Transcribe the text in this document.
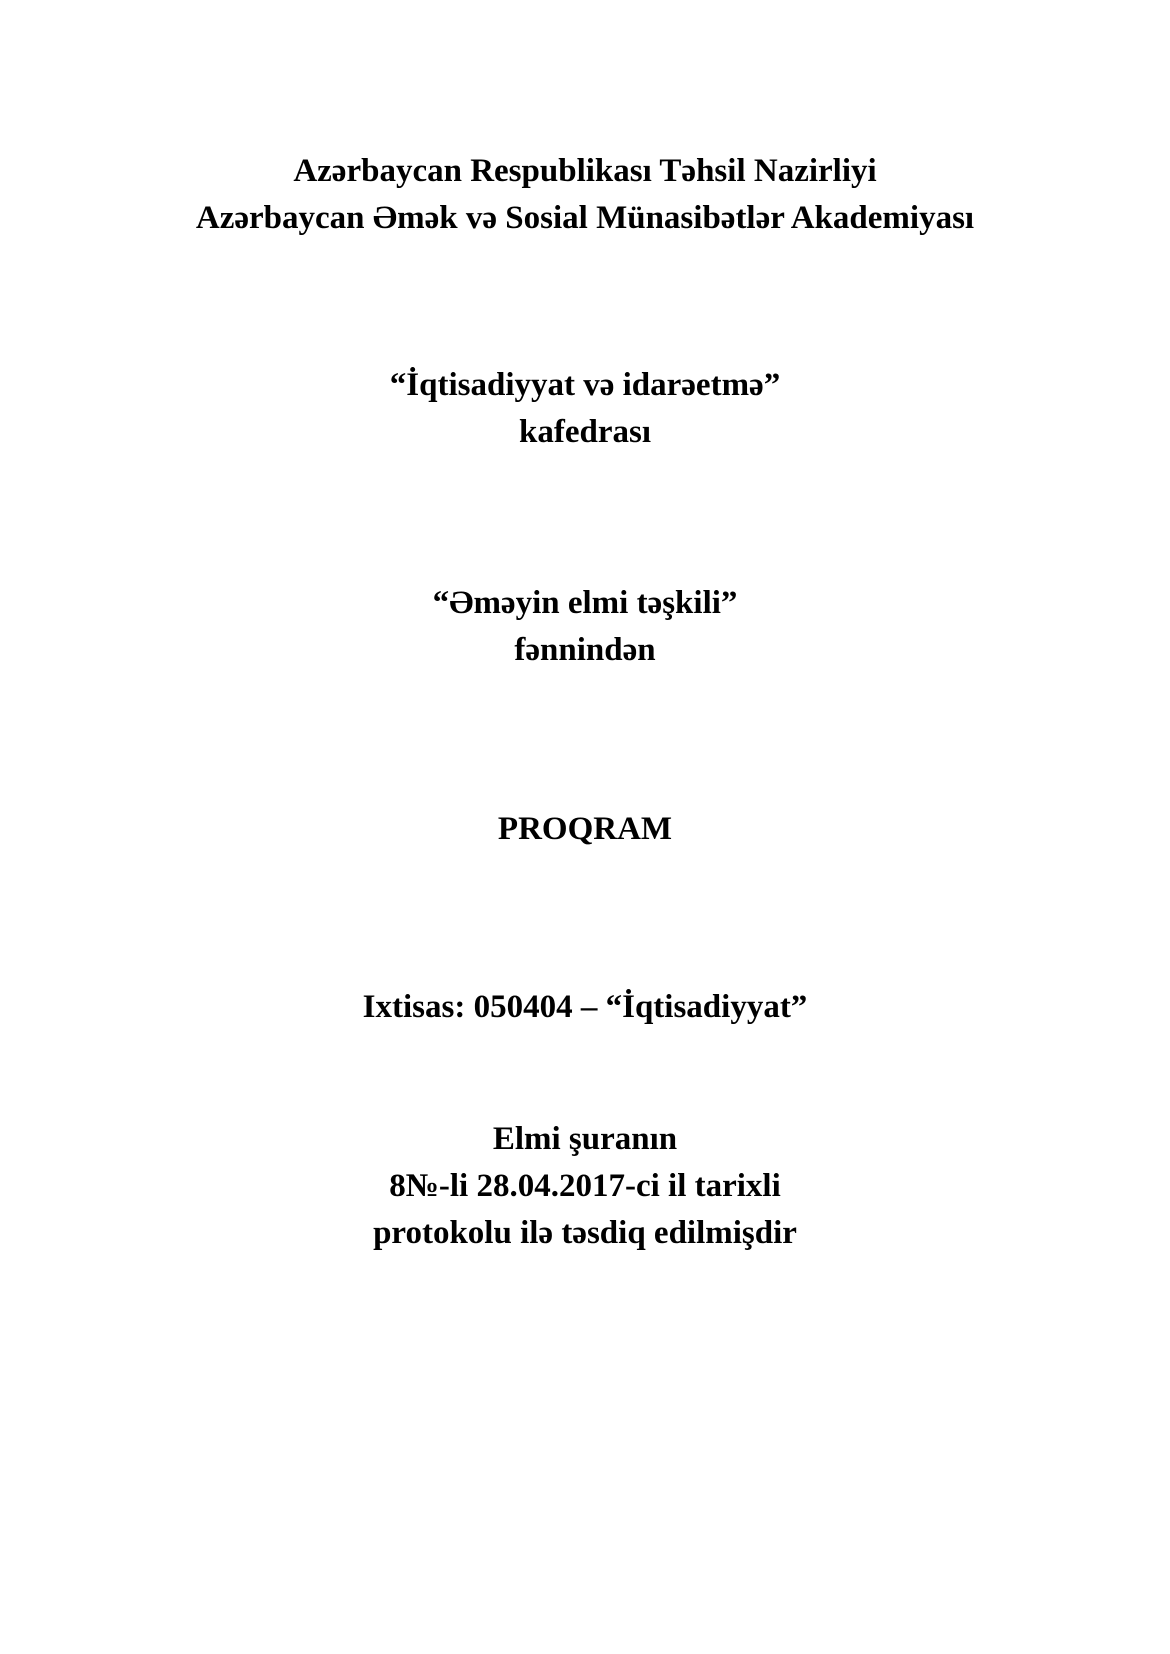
Azərbaycan Respublikası Təhsil Nazirliyi
Azərbaycan Əmək və Sosial Münasibətlər Akademiyası
“İqtisadiyyat və idarəetmə”
kafedrası
“Əməyin elmi təşkili”
fənnindən
PROQRAM
Ixtisas: 050404 – “İqtisadiyyat”
Elmi şuranın
8№-li 28.04.2017-ci il tarixli
protokolu ilə təsdiq edilmişdir
